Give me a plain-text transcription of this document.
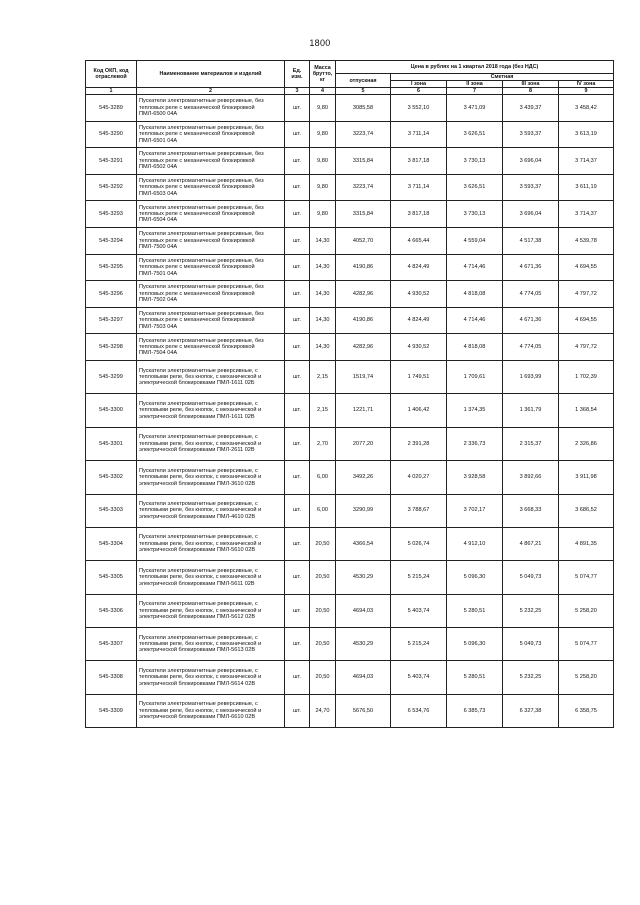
1800
Код ОКП, код отраслевой	Наименование материалов и изделий	Ед. изм.	Масса брутто, кг	Цена в рублях на 1 квартал 2018 года (без НДС)				
				отпускная	Сметная			
					I зона	II зона	III зона	IV зона
1	2	3	4	5	6	7	8	9
545-3289	Пускатели электромагнитные реверсивные, без тепловых реле с механической блокировкой ПМЛ-6500 04А	шт.	9,80	3085,58	3 552,10	3 471,09	3 439,37	3 458,42
545-3290	Пускатели электромагнитные реверсивные, без тепловых реле с механической блокировкой ПМЛ-6501 04А	шт.	9,80	3223,74	3 711,14	3 626,51	3 593,37	3 613,19
545-3291	Пускатели электромагнитные реверсивные, без тепловых реле с механической блокировкой ПМЛ-6502 04А	шт.	9,80	3315,84	3 817,18	3 730,13	3 696,04	3 714,37
545-3292	Пускатели электромагнитные реверсивные, без тепловых реле с механической блокировкой ПМЛ-6503 04А	шт.	9,80	3223,74	3 711,14	3 626,51	3 593,37	3 611,19
545-3293	Пускатели электромагнитные реверсивные, без тепловых реле с механической блокировкой ПМЛ-6504 04А	шт.	9,80	3315,84	3 817,18	3 730,13	3 696,04	3 714,37
545-3294	Пускатели электромагнитные реверсивные, без тепловых реле с механической блокировкой ПМЛ-7500 04А	шт.	14,30	4052,70	4 665,44	4 559,04	4 517,38	4 539,78
545-3295	Пускатели электромагнитные реверсивные, без тепловых реле с механической блокировкой ПМЛ-7501 04А	шт.	14,30	4190,86	4 824,49	4 714,46	4 671,36	4 694,55
545-3296	Пускатели электромагнитные реверсивные, без тепловых реле с механической блокировкой ПМЛ-7502 04А	шт.	14,30	4282,96	4 930,52	4 818,08	4 774,05	4 797,72
545-3297	Пускатели электромагнитные реверсивные, без тепловых реле с механической блокировкой ПМЛ-7503 04А	шт.	14,30	4190,86	4 824,49	4 714,46	4 671,36	4 694,55
545-3298	Пускатели электромагнитные реверсивные, без тепловых реле с механической блокировкой ПМЛ-7504 04А	шт.	14,30	4282,96	4 930,52	4 818,08	4 774,05	4 797,72
545-3299	Пускатели электромагнитные реверсивные, с тепловыми реле, без кнопок, с механической и электрической блокировками ПМЛ-1611 02Б	шт.	2,15	1519,74	1 749,51	1 709,61	1 693,99	1 702,39
545-3300	Пускатели электромагнитные реверсивные, с тепловыми реле, без кнопок, с механической и электрической блокировками ПМЛ-1611 02В	шт.	2,15	1221,71	1 406,42	1 374,35	1 361,79	1 368,54
545-3301	Пускатели электромагнитные реверсивные, с тепловыми реле, без кнопок, с механической и электрической блокировками ПМЛ-2611 02В	шт.	2,70	2077,20	2 391,28	2 336,73	2 315,37	2 326,86
545-3302	Пускатели электромагнитные реверсивные, с тепловыми реле, без кнопок, с механической и электрической блокировками ПМЛ-3610 02В	шт.	6,00	3492,26	4 020,27	3 928,58	3 892,66	3 911,98
545-3303	Пускатели электромагнитные реверсивные, с тепловыми реле, без кнопок, с механической и электрической блокировками ПМЛ-4610 02В	шт.	6,00	3290,99	3 788,67	3 702,17	3 668,33	3 686,52
545-3304	Пускатели электромагнитные реверсивные, с тепловыми реле, без кнопок, с механической и электрической блокировками ПМЛ-5610 02В	шт.	20,50	4366,54	5 026,74	4 912,10	4 867,21	4 891,35
545-3305	Пускатели электромагнитные реверсивные, с тепловыми реле, без кнопок, с механической и электрической блокировками ПМЛ-5611 02В	шт.	20,50	4530,29	5 215,24	5 096,30	5 049,73	5 074,77
545-3306	Пускатели электромагнитные реверсивные, с тепловыми реле, без кнопок, с механической и электрической блокировками ПМЛ-5612 02В	шт.	20,50	4694,03	5 403,74	5 280,51	5 232,25	5 258,20
545-3307	Пускатели электромагнитные реверсивные, с тепловыми реле, без кнопок, с механической и электрической блокировками ПМЛ-5613 02В	шт.	20,50	4530,29	5 215,24	5 096,30	5 049,73	5 074,77
545-3308	Пускатели электромагнитные реверсивные, с тепловыми реле, без кнопок, с механической и электрической блокировками ПМЛ-5614 02В	шт.	20,50	4694,03	5 403,74	5 280,51	5 232,25	5 258,20
545-3309	Пускатели электромагнитные реверсивные, с тепловыми реле, без кнопок, с механической и электрической блокировками ПМЛ-6610 02В	шт.	24,70	5676,50	6 534,76	6 385,73	6 327,38	6 358,75
